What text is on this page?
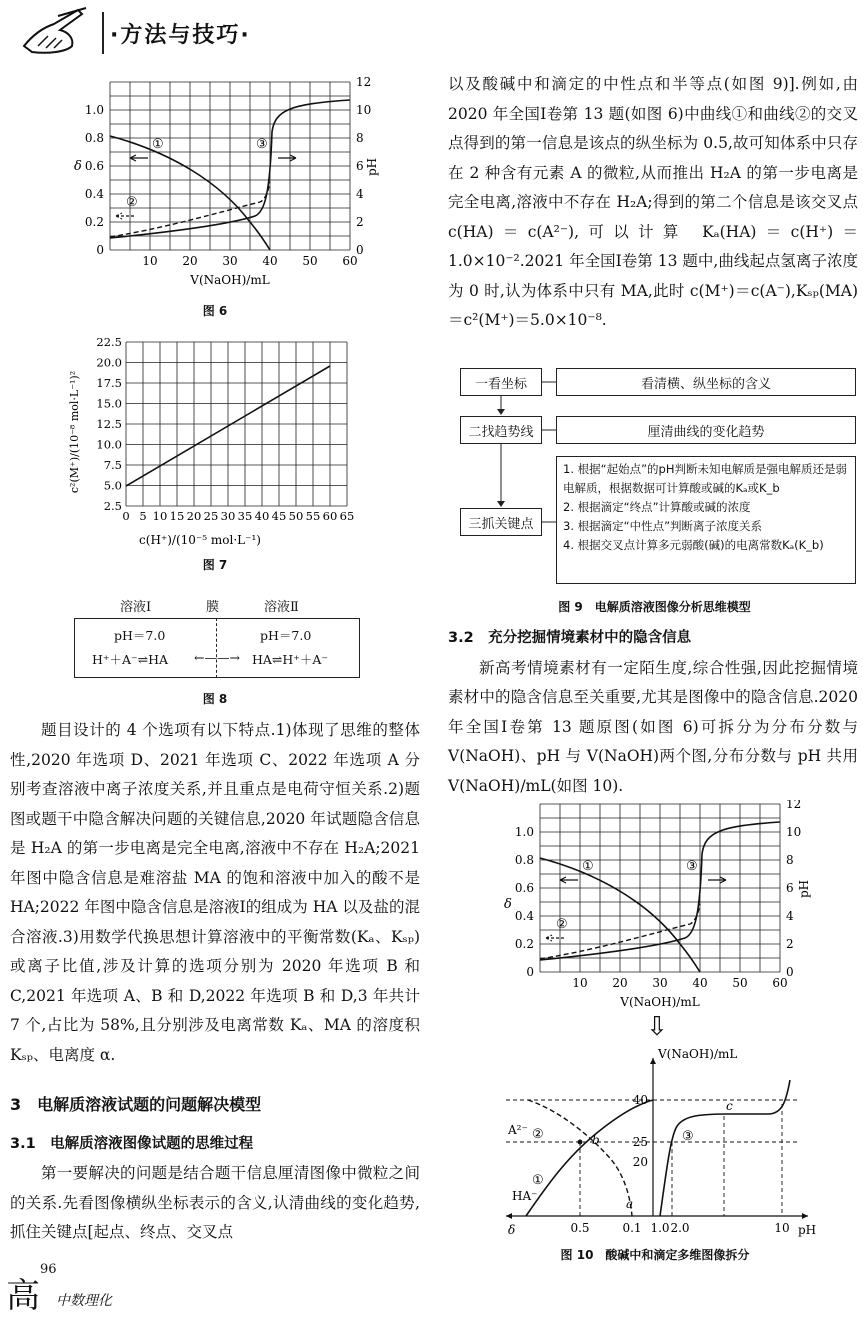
·方法与技巧·
①
②
③
10 20 30 40 50 60
0
0.2
0.4
0.6
0.8
1.0
0
2
4
6
8
10
12
δ	pH
V(NaOH)/mL
图 6
0 5 10 15 20 25 30 35 40 45 50 55 60 65
2.5
5.0
7.5
10.0
12.5
15.0
17.5
20.0
22.5
c(H⁺)/(10⁻⁵ mol·L⁻¹)
c²(M⁺)/(10⁻⁸ mol·L⁻¹)²
图 7
溶液Ⅰ	膜	溶液Ⅱ
pH＝7.0	pH＝7.0
H⁺＋A⁻⇌HA ←——→ HA⇌H⁺＋A⁻
图 8

题目设计的 4 个选项有以下特点.1)体现了思维的整体性,2020 年选项 D、2021 年选项 C、2022 年选项 A 分别考查溶液中离子浓度关系,并且重点是电荷守恒关系.2)题图或题干中隐含解决问题的关键信息,2020 年试题隐含信息是 H₂A 的第一步电离是完全电离,溶液中不存在 H₂A;2021 年图中隐含信息是难溶盐 MA 的饱和溶液中加入的酸不是 HA;2022 年图中隐含信息是溶液Ⅰ的组成为 HA 以及盐的混合溶液.3)用数学代换思想计算溶液中的平衡常数(Kₐ、Kₛₚ)或离子比值,涉及计算的选项分别为 2020 年选项 B 和 C,2021 年选项 A、B 和 D,2022 年选项 B 和 D,3 年共计 7 个,占比为 58%,且分别涉及电离常数 Kₐ、MA 的溶度积 Kₛₚ、电离度 α.

3　电解质溶液试题的问题解决模型
3.1　电解质溶液图像试题的思维过程

第一要解决的问题是结合题干信息厘清图像中微粒之间的关系.先看图像横纵坐标表示的含义,认清曲线的变化趋势,抓住关键点[起点、终点、交叉点

以及酸碱中和滴定的中性点和半等点(如图 9)].例如,由 2020 年全国Ⅰ卷第 13 题(如图 6)中曲线①和曲线②的交叉点得到的第一信息是该点的纵坐标为 0.5,故可知体系中只存在 2 种含有元素 A 的微粒,从而推出 H₂A 的第一步电离是完全电离,溶液中不存在 H₂A;得到的第二个信息是该交叉点 c(HA)＝c(A²⁻),可以计算 Kₐ(HA)＝c(H⁺)＝1.0×10⁻².2021 年全国Ⅰ卷第 13 题中,曲线起点氢离子浓度为 0 时,认为体系中只有 MA,此时 c(M⁺)＝c(A⁻),Kₛₚ(MA)＝c²(M⁺)＝5.0×10⁻⁸.

一看坐标	看清横、纵坐标的含义
二找趋势线	厘清曲线的变化趋势
三抓关键点
1. 根据“起始点”的pH判断未知电解质是强电解质还是弱电解质，根据数据可计算酸或碱的Kₐ或K_b
2. 根据滴定“终点”计算酸或碱的浓度
3. 根据滴定“中性点”判断离子浓度关系
4. 根据交叉点计算多元弱酸(碱)的电离常数Kₐ(K_b)
图 9　电解质溶液图像分析思维模型
3.2　充分挖掘情境素材中的隐含信息

新高考情境素材有一定陌生度,综合性强,因此挖掘情境素材中的隐含信息至关重要,尤其是图像中的隐含信息.2020 年全国Ⅰ卷第 13 题原图(如图 6)可拆分为分布分数与 V(NaOH)、pH 与 V(NaOH)两个图,分布分数与 pH 共用 V(NaOH)/mL(如图 10).

①
②
③
10 20 30 40 50 60
0
0.2
0.4
0.6
0.8
1.0
0
2
4
6
8
10
12
δ
pH
V(NaOH)/mL
⇩
40
25
20
0.5	0.1 1.0 2.0	10
δ	pH
V(NaOH)/mL
A²⁻ ②
HA⁻
①
③
b
c
a
图 10　酸碱中和滴定多维图像拆分
96
高 中数理化
